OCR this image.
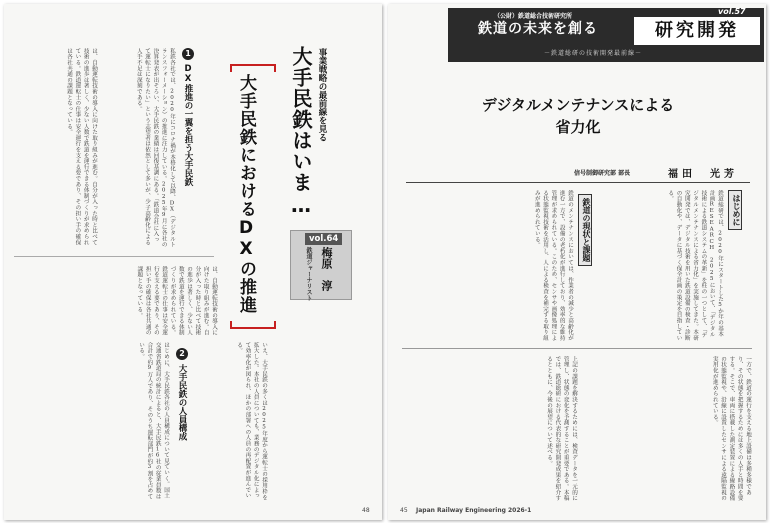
事業戦略の最前線を見る
大手民鉄はいま…
大手民鉄におけるDXの推進	vol.64
鉄道ジャーナリスト 梅原　淳
1
DX推進の一翼を担う大手民鉄
私鉄各社では、2020年にコロナ禍が本格化して以降、DX（デジタルトランスフォーメーション）の推進に注力している。2025年9月に各社の決算発表が出そろい、大手民鉄の業績は回復基調にある。「鉄道会社に入って運転士になりたい」という志望者は依然として多いが、少子高齢化による人手不足は深刻である。
は、自動運転技術の導入に向けた取り組みが進む。自分が入った時と比べて技術の進歩は著しく、少ない人数で鉄道を運行できる体制づくりが求められている。鉄道運転士の仕事は安全運行を支える要であり、その担い手の確保は各社共通の課題となっている。
いえ、大手民鉄の多くは2025年度から運転士の採用枠を拡大した。本社の人員についても、業務のデジタル化によって効率化が図られ、ほかの部署への人員の再配置が進んでいる。
2
大手民鉄の人員構成
はじめに、大手民鉄各社の人員構成について見ていく。国土交通省鉄道局の統計によると、大手民鉄16社の従業員数は合計で約9万人であり、そのうち運転部門が約3割を占めている。
は、自動運転技術の導入に向けた取り組みが進む。自分が入った時と比べて技術の進歩は著しく、少ない人数で鉄道を運行できる体制づくりが求められている。鉄道運転士の仕事は安全運行を支える要であり、その担い手の確保は各社共通の課題となっている。
48
（公財）鉄道総合技術研究所
鉄道の未来を創る	研究開発
vol.57
－鉄道総研の技術開発最前線－
デジタルメンテナンスによる
省力化
信号制御研究部 部長	福田　光芳
はじめに
鉄道総研では、2020年にスタートした5か年の基本計画RESEARCH 2025において、「デジタル技術による鉄道システムの革新」を柱の一つとして、「デジタルメンテナンスによる省力化」を実施してきた。本研究開発では、デジタル技術を用いた鉄道設備の検査・診断の自動化や、データに基づく保全計画の策定を目指している。
鉄道の現状と課題
鉄道のメンテナンスにおいては、作業者の減少と高齢化が進む一方で、設備の老朽化が進行しており、効率的な維持管理が求められている。このため、センサや画像処理による状態監視技術を活用し、人による検査を補完する取り組みが進められている。
一方で、鉄道の運行を支える地上設備は多種多様であり、その状態を把握するためには多くの人手と時間を要する。そこで、車両に搭載した測定装置による線路設備の状態監視や、沿線に設置したセンサによる遠隔監視の実用化が進められている。
上記の課題を解決するためには、検査データを一元的に管理し、状態の変化を予測することが重要である。本稿では、鉄道総研における代表的な研究開発成果を紹介するとともに、今後の展望について述べる。
45 Japan Railway Engineering 2026-1
